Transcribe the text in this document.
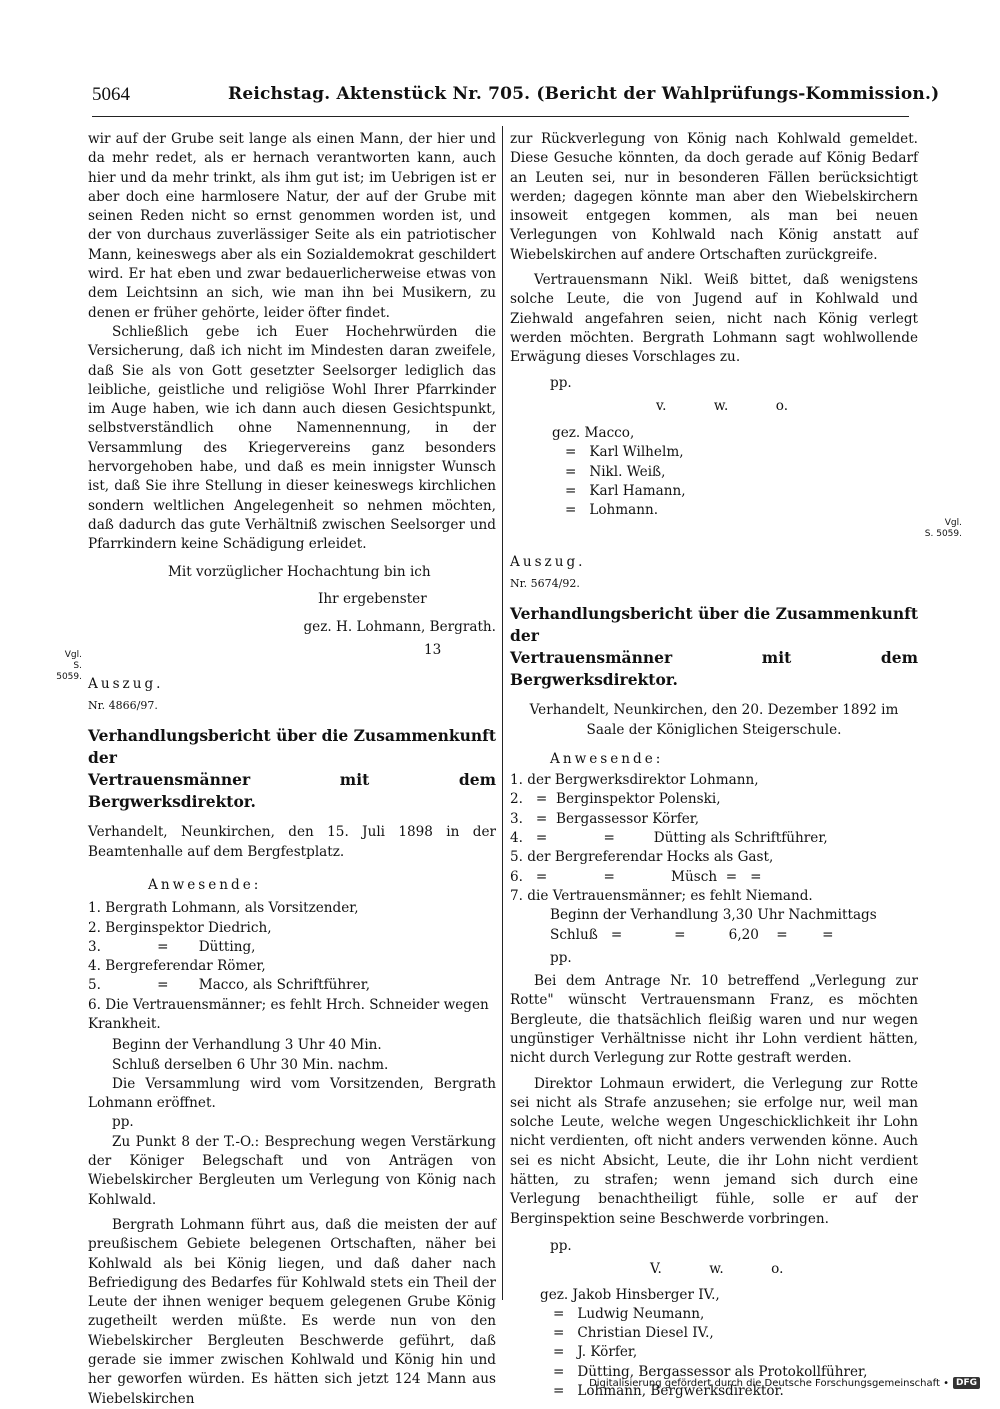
5064	Reichstag. Aktenstück Nr. 705. (Bericht der Wahlprüfungs-Kommission.)

wir auf der Grube seit lange als einen Mann, der hier und da mehr redet, als er hernach verantworten kann, auch hier und da mehr trinkt, als ihm gut ist; im Uebrigen ist er aber doch eine harmlosere Natur, der auf der Grube mit seinen Reden nicht so ernst genommen worden ist, und der von durchaus zuverlässiger Seite als ein patriotischer Mann, keineswegs aber als ein Sozialdemokrat geschildert wird. Er hat eben und zwar bedauerlicherweise etwas von dem Leichtsinn an sich, wie man ihn bei Musikern, zu denen er früher gehörte, leider öfter findet.

Schließlich gebe ich Euer Hochehrwürden die Versicherung, daß ich nicht im Mindesten daran zweifele, daß Sie als von Gott gesetzter Seelsorger lediglich das leibliche, geistliche und religiöse Wohl Ihrer Pfarrkinder im Auge haben, wie ich dann auch diesen Gesichtspunkt, selbstverständlich ohne Namennennung, in der Versammlung des Kriegervereins ganz besonders hervorgehoben habe, und daß es mein innigster Wunsch ist, daß Sie ihre Stellung in dieser keineswegs kirchlichen sondern weltlichen Angelegenheit so nehmen möchten, daß dadurch das gute Verhältniß zwischen Seelsorger und Pfarrkindern keine Schädigung erleidet.

Mit vorzüglicher Hochachtung bin ich

Ihr ergebenster

gez. H. Lohmann, Bergrath.

13

Auszug.

Nr. 4866/97.

Verhandlungsbericht über die Zusammenkunft der

Vertrauensmänner mit dem Bergwerksdirektor.

Verhandelt, Neunkirchen, den 15. Juli 1898 in der Beamtenhalle auf dem Bergfestplatz.

Anwesende:

1. Bergrath Lohmann, als Vorsitzender,
2. Berginspektor Diedrich,
3.             =       Dütting,
4. Bergreferendar Römer,
5.             =       Macco, als Schriftführer,
6. Die Vertrauensmänner; es fehlt Hrch. Schneider wegen Krankheit.

Beginn der Verhandlung 3 Uhr 40 Min.

Schluß derselben 6 Uhr 30 Min. nachm.

Die Versammlung wird vom Vorsitzenden, Bergrath Lohmann eröffnet.

pp.

Zu Punkt 8 der T.-O.: Besprechung wegen Verstärkung der Königer Belegschaft und von Anträgen von Wiebelskircher Bergleuten um Verlegung von König nach Kohlwald.

Bergrath Lohmann führt aus, daß die meisten der auf preußischem Gebiete belegenen Ortschaften, näher bei Kohlwald als bei König liegen, und daß daher nach Befriedigung des Bedarfes für Kohlwald stets ein Theil der Leute der ihnen weniger bequem gelegenen Grube König zugetheilt werden müßte. Es werde nun von den Wiebelskircher Bergleuten Beschwerde geführt, daß gerade sie immer zwischen Kohlwald und König hin und her geworfen würden. Es hätten sich jetzt 124 Mann aus Wiebelskirchen

zur Rückverlegung von König nach Kohlwald gemeldet. Diese Gesuche könnten, da doch gerade auf König Bedarf an Leuten sei, nur in besonderen Fällen berücksichtigt werden; dagegen könnte man aber den Wiebelskirchern insoweit entgegen kommen, als man bei neuen Verlegungen von Kohlwald nach König anstatt auf Wiebelskirchen auf andere Ortschaften zurückgreife.

Vertrauensmann Nikl. Weiß bittet, daß wenigstens solche Leute, die von Jugend auf in Kohlwald und Ziehwald angefahren seien, nicht nach König verlegt werden möchten. Bergrath Lohmann sagt wohlwollende Erwägung dieses Vorschlages zu.

pp.

v.           w.           o.

gez. Macco,
=   Karl Wilhelm,
=   Nikl. Weiß,
=   Karl Hamann,
=   Lohmann.

Auszug.

Nr. 5674/92.

Verhandlungsbericht über die Zusammenkunft der

Vertrauensmänner mit dem Bergwerksdirektor.

Verhandelt, Neunkirchen, den 20. Dezember 1892 im Saale der Königlichen Steigerschule.

Anwesende:

1. der Bergwerksdirektor Lohmann,
2.   =  Berginspektor Polenski,
3.   =  Bergassessor Körfer,
4.   =             =         Dütting als Schriftführer,
5. der Bergreferendar Hocks als Gast,
6.   =             =             Müsch  =   =
7. die Vertrauensmänner; es fehlt Niemand.

Beginn der Verhandlung 3,30 Uhr Nachmittags

Schluß   =            =          6,20    =        =

pp.

Bei dem Antrage Nr. 10 betreffend „Verlegung zur Rotte" wünscht Vertrauensmann Franz, es möchten Bergleute, die thatsächlich fleißig waren und nur wegen ungünstiger Verhältnisse nicht ihr Lohn verdient hätten, nicht durch Verlegung zur Rotte gestraft werden.

Direktor Lohmaun erwidert, die Verlegung zur Rotte sei nicht als Strafe anzusehen; sie erfolge nur, weil man solche Leute, welche wegen Ungeschicklichkeit ihr Lohn nicht verdienten, oft nicht anders verwenden könne. Auch sei es nicht Absicht, Leute, die ihr Lohn nicht verdient hätten, zu strafen; wenn jemand sich durch eine Verlegung benachtheiligt fühle, solle er auf der Berginspektion seine Beschwerde vorbringen.

pp.

V.           w.           o.

gez. Jakob Hinsberger IV.,
=   Ludwig Neumann,
=   Christian Diesel IV.,
=   J. Körfer,
=   Dütting, Bergassessor als Protokollführer,
=   Lohmann, Bergwerksdirektor.
Vgl.
S. 5059.
Vgl.
S. 5059.
Digitalisierung gefördert durch die Deutsche Forschungsgemeinschaft • DFG
